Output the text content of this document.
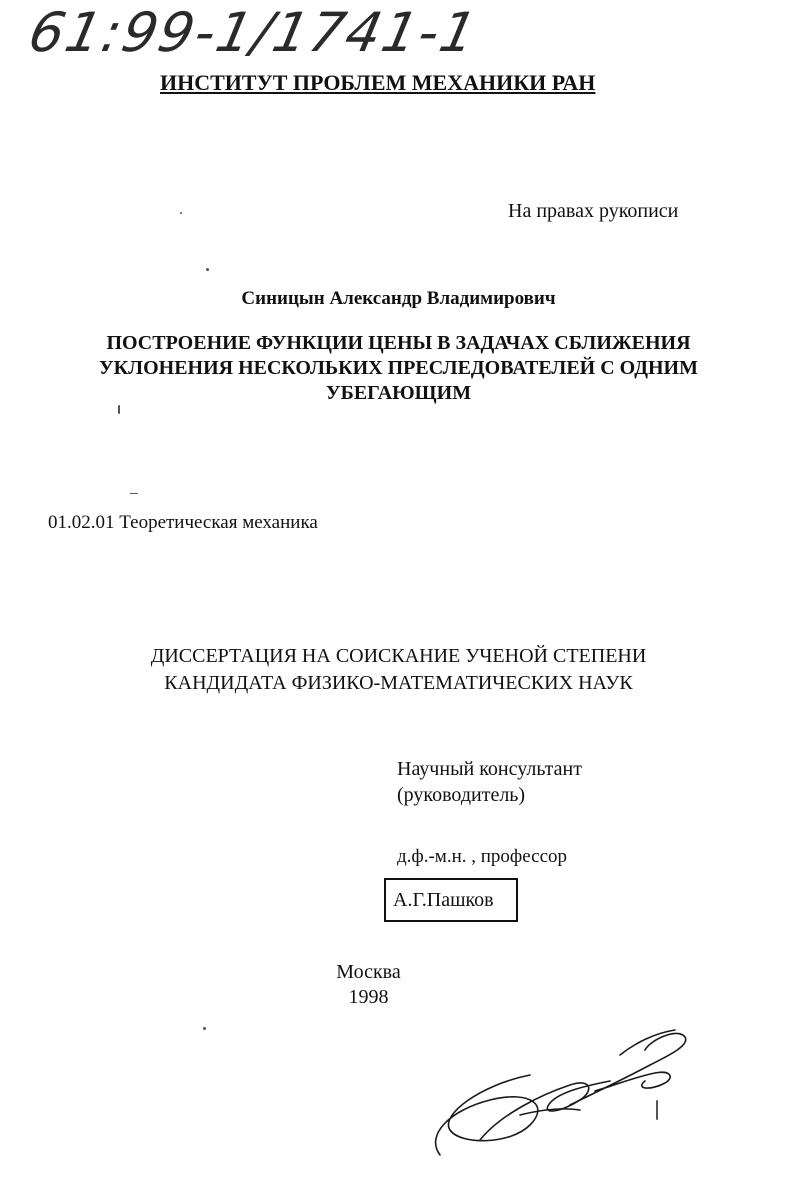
61:99-1/1741-1
ИНСТИТУТ ПРОБЛЕМ МЕХАНИКИ РАН
На правах рукописи
Синицын Александр Владимирович
ПОСТРОЕНИЕ ФУНКЦИИ ЦЕНЫ В ЗАДАЧАХ СБЛИЖЕНИЯ
УКЛОНЕНИЯ НЕСКОЛЬКИХ ПРЕСЛЕДОВАТЕЛЕЙ С ОДНИМ
УБЕГАЮЩИМ
01.02.01 Теоретическая механика
ДИССЕРТАЦИЯ НА СОИСКАНИЕ УЧЕНОЙ СТЕПЕНИ
КАНДИДАТА ФИЗИКО-МАТЕМАТИЧЕСКИХ НАУК
Научный консультант
(руководитель)
д.ф.-м.н. , профессор
А.Г.Пашков
Москва
1998
